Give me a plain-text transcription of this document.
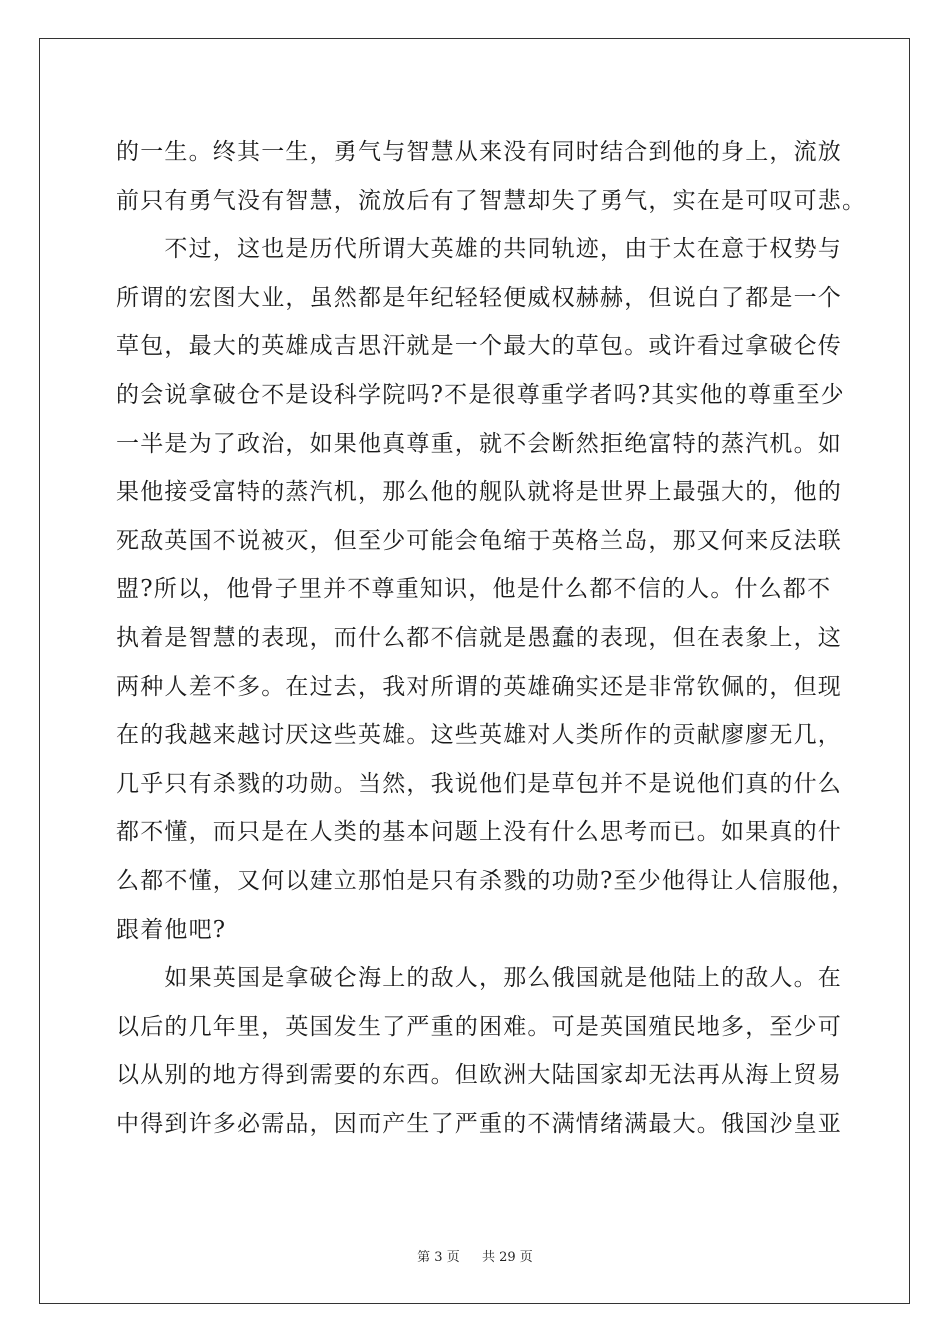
的一生。终其一生，勇气与智慧从来没有同时结合到他的身上，流放
前只有勇气没有智慧，流放后有了智慧却失了勇气，实在是可叹可悲。
　　不过，这也是历代所谓大英雄的共同轨迹，由于太在意于权势与
所谓的宏图大业，虽然都是年纪轻轻便威权赫赫，但说白了都是一个
草包，最大的英雄成吉思汗就是一个最大的草包。或许看过拿破仑传
的会说拿破仓不是设科学院吗?不是很尊重学者吗?其实他的尊重至少
一半是为了政治，如果他真尊重，就不会断然拒绝富特的蒸汽机。如
果他接受富特的蒸汽机，那么他的舰队就将是世界上最强大的，他的
死敌英国不说被灭，但至少可能会龟缩于英格兰岛，那又何来反法联
盟?所以，他骨子里并不尊重知识，他是什么都不信的人。什么都不
执着是智慧的表现，而什么都不信就是愚蠢的表现，但在表象上，这
两种人差不多。在过去，我对所谓的英雄确实还是非常钦佩的，但现
在的我越来越讨厌这些英雄。这些英雄对人类所作的贡献廖廖无几，
几乎只有杀戮的功勋。当然，我说他们是草包并不是说他们真的什么
都不懂，而只是在人类的基本问题上没有什么思考而已。如果真的什
么都不懂，又何以建立那怕是只有杀戮的功勋?至少他得让人信服他，
跟着他吧?
　　如果英国是拿破仑海上的敌人，那么俄国就是他陆上的敌人。在
以后的几年里，英国发生了严重的困难。可是英国殖民地多，至少可
以从别的地方得到需要的东西。但欧洲大陆国家却无法再从海上贸易
中得到许多必需品，因而产生了严重的不满情绪满最大。俄国沙皇亚
第 3 页 共 29 页
